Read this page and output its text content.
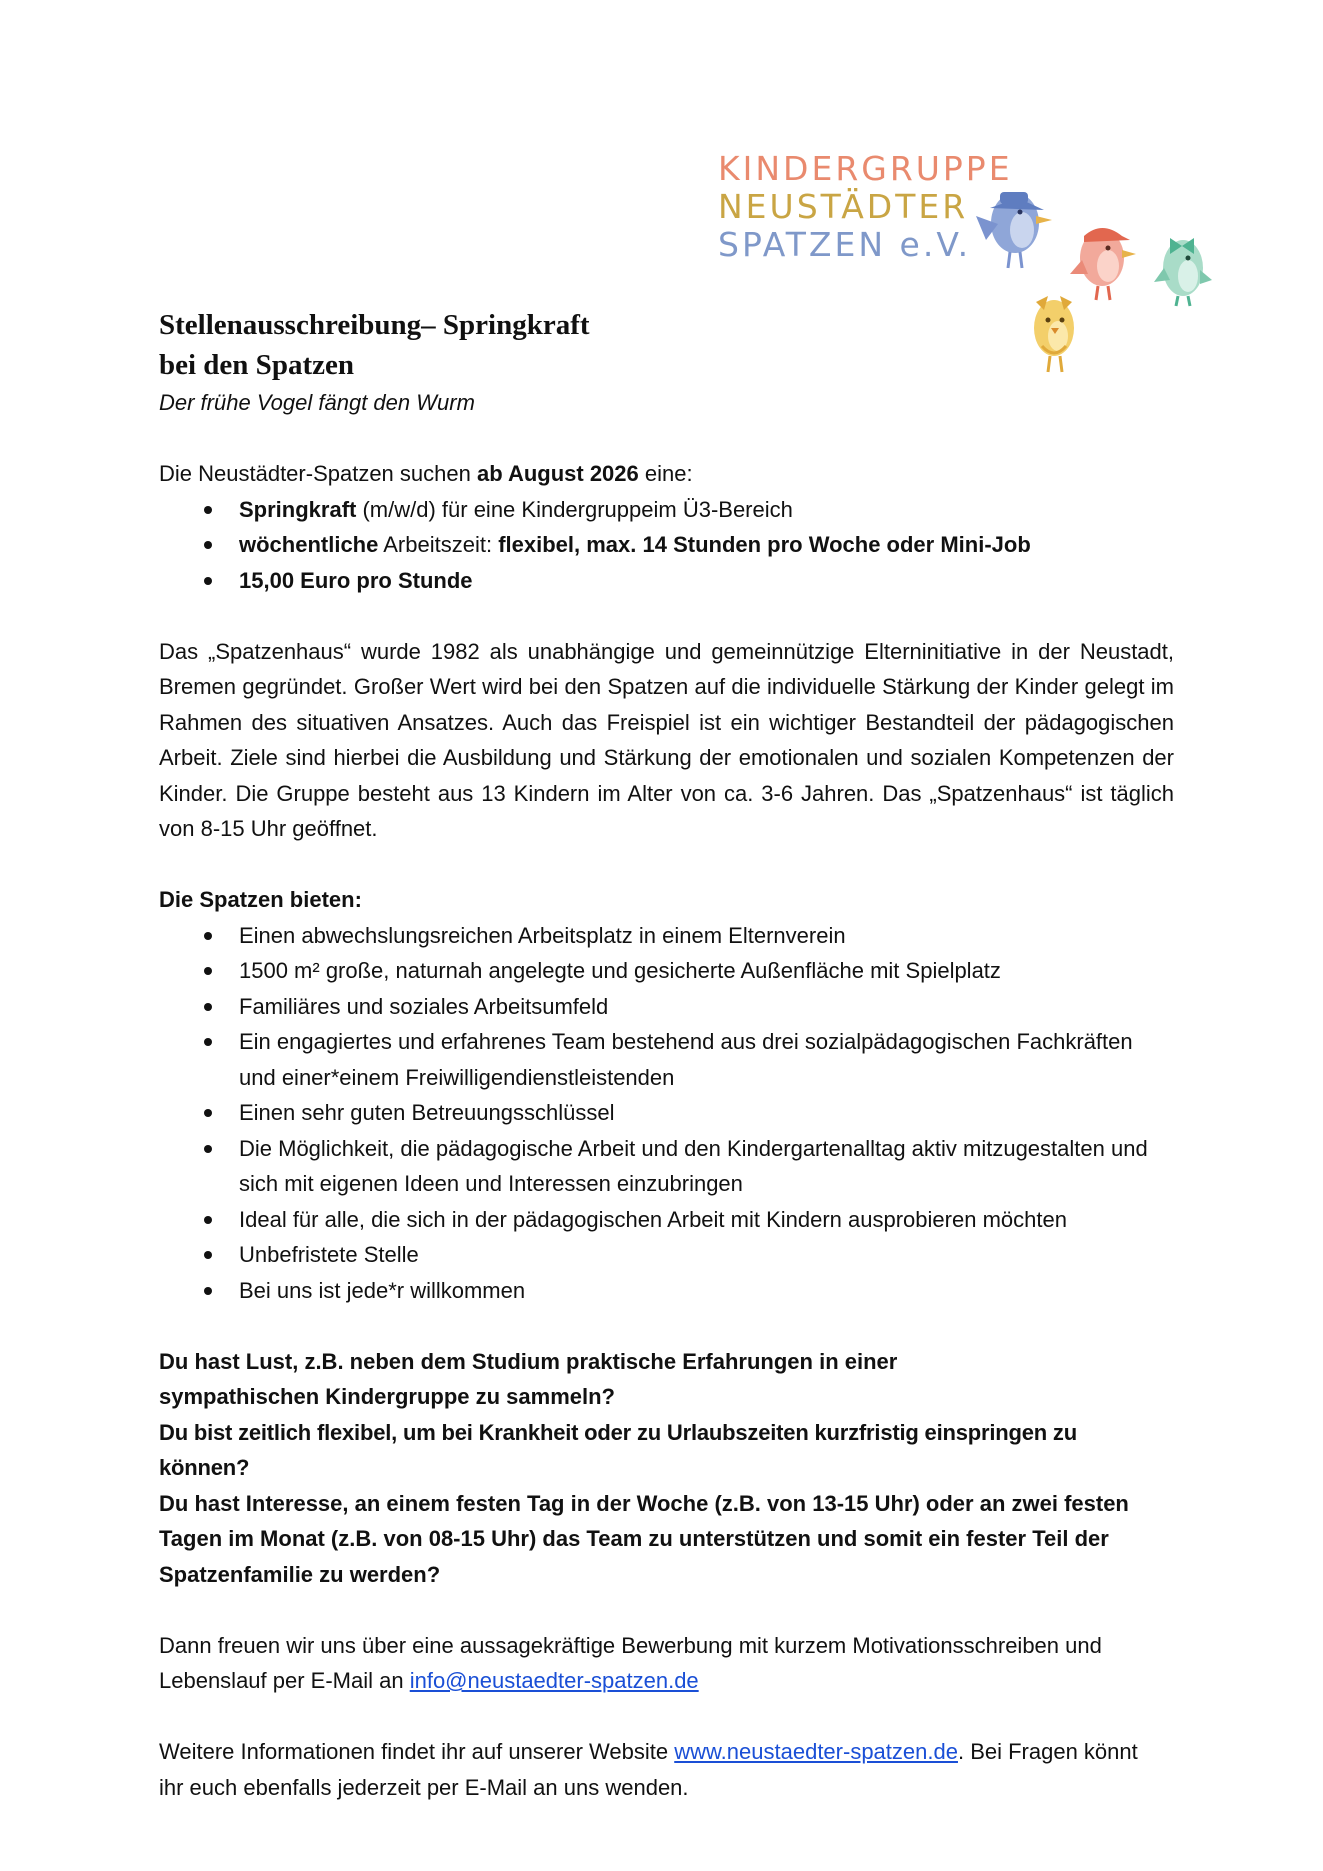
KINDERGRUPPE
NEUSTÄDTER
SPATZEN e.V.
Stellenausschreibung– Springkraft
bei den Spatzen

Der frühe Vogel fängt den Wurm

Die Neustädter-Spatzen suchen ab August 2026 eine:

Springkraft (m/w/d) für eine Kindergruppeim Ü3-Bereich
wöchentliche Arbeitszeit: flexibel, max. 14 Stunden pro Woche oder Mini-Job
15,00 Euro pro Stunde

Das „Spatzenhaus“ wurde 1982 als unabhängige und gemeinnützige Elterninitiative in der Neustadt, Bremen gegründet. Großer Wert wird bei den Spatzen auf die individuelle Stärkung der Kinder gelegt im Rahmen des situativen Ansatzes. Auch das Freispiel ist ein wichtiger Bestandteil der pädagogischen Arbeit. Ziele sind hierbei die Ausbildung und Stärkung der emotionalen und sozialen Kompetenzen der Kinder. Die Gruppe besteht aus 13 Kindern im Alter von ca. 3-6 Jahren. Das „Spatzenhaus“ ist täglich von 8-15 Uhr geöffnet.

Die Spatzen bieten:

Einen abwechslungsreichen Arbeitsplatz in einem Elternverein
1500 m² große, naturnah angelegte und gesicherte Außenfläche mit Spielplatz
Familiäres und soziales Arbeitsumfeld
Ein engagiertes und erfahrenes Team bestehend aus drei sozialpädagogischen Fachkräften und einer*einem Freiwilligendienstleistenden
Einen sehr guten Betreuungsschlüssel
Die Möglichkeit, die pädagogische Arbeit und den Kindergartenalltag aktiv mitzugestalten und sich mit eigenen Ideen und Interessen einzubringen
Ideal für alle, die sich in der pädagogischen Arbeit mit Kindern ausprobieren möchten
Unbefristete Stelle
Bei uns ist jede*r willkommen

Du hast Lust, z.B. neben dem Studium praktische Erfahrungen in einer sympathischen Kindergruppe zu sammeln?

Du bist zeitlich flexibel, um bei Krankheit oder zu Urlaubszeiten kurzfristig einspringen zu können?

Du hast Interesse, an einem festen Tag in der Woche (z.B. von 13-15 Uhr) oder an zwei festen Tagen im Monat (z.B. von 08-15 Uhr) das Team zu unterstützen und somit ein fester Teil der Spatzenfamilie zu werden?

Dann freuen wir uns über eine aussagekräftige Bewerbung mit kurzem Motivationsschreiben und Lebenslauf per E-Mail an info@neustaedter-spatzen.de

Weitere Informationen findet ihr auf unserer Website www.neustaedter-spatzen.de. Bei Fragen könnt ihr euch ebenfalls jederzeit per E-Mail an uns wenden.
